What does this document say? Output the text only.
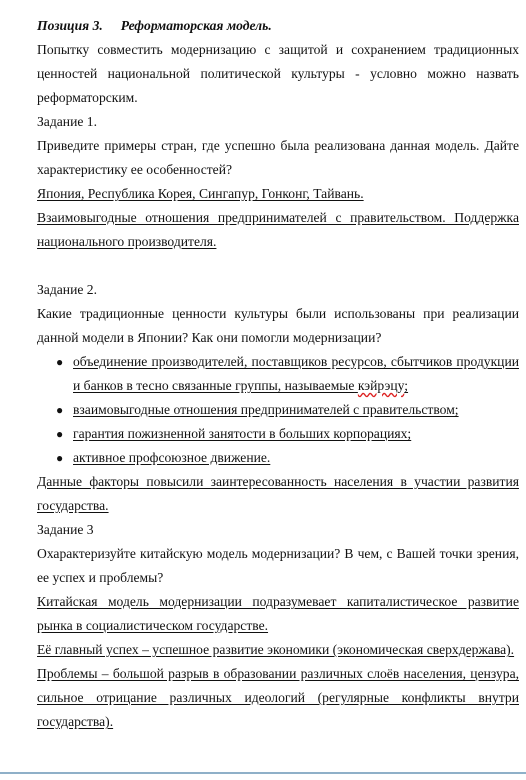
Позиция 3. Реформаторская модель.

Попытку совместить модернизацию с защитой и сохранением традиционных ценностей национальной политической культуры - условно можно назвать реформаторским.

Задание 1.

Приведите примеры стран, где успешно была реализована данная модель. Дайте характеристику ее особенностей?

Япония, Республика Корея, Сингапур, Гонконг, Тайвань.

Взаимовыгодные отношения предпринимателей с правительством. Поддержка национального производителя.

Задание 2.

Какие традиционные ценности культуры были использованы при реализации данной модели в Японии? Как они помогли модернизации?

● объединение производителей, поставщиков ресурсов, сбытчиков продукции и банков в тесно связанные группы, называемые кэйрэцу;
● взаимовыгодные отношения предпринимателей с правительством;
● гарантия пожизненной занятости в больших корпорациях;
● активное профсоюзное движение.

Данные факторы повысили заинтересованность населения в участии развития государства.

Задание 3

Охарактеризуйте китайскую модель модернизации? В чем, с Вашей точки зрения, ее успех и проблемы?

Китайская модель модернизации подразумевает капиталистическое развитие рынка в социалистическом государстве.

Её главный успех – успешное развитие экономики (экономическая сверхдержава).

Проблемы – большой разрыв в образовании различных слоёв населения, цензура, сильное отрицание различных идеологий (регулярные конфликты внутри государства).
